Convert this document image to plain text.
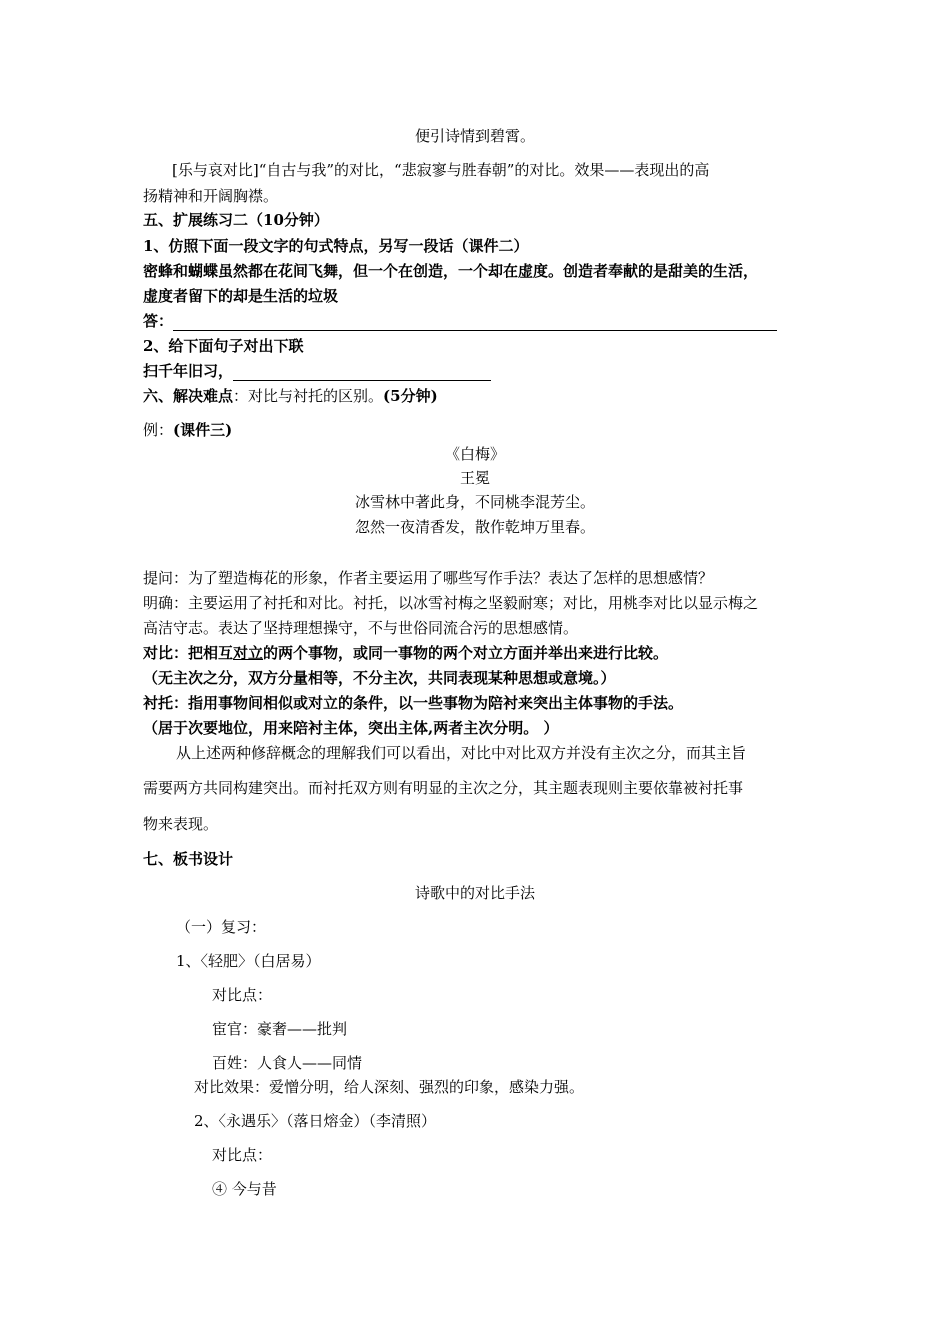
便引诗情到碧霄。

[乐与哀对比]“自古与我”的对比，“悲寂寥与胜春朝”的对比。效果——表现出的高

扬精神和开阔胸襟。

五、扩展练习二（10分钟）

1、仿照下面一段文字的句式特点，另写一段话（课件二）

密蜂和蝴蝶虽然都在花间飞舞，但一个在创造，一个却在虚度。创造者奉献的是甜美的生活，

虚度者留下的却是生活的垃圾

答：

2、给下面句子对出下联

扫千年旧习，

六、解决难点：对比与衬托的区别。(5分钟)

例：(课件三)

《白梅》

王冕

冰雪林中著此身，不同桃李混芳尘。

忽然一夜清香发，散作乾坤万里春。

提问：为了塑造梅花的形象，作者主要运用了哪些写作手法？表达了怎样的思想感情？

明确：主要运用了衬托和对比。衬托，以冰雪衬梅之坚毅耐寒；对比，用桃李对比以显示梅之

高洁守志。表达了坚持理想操守，不与世俗同流合污的思想感情。

对比：把相互对立的两个事物，或同一事物的两个对立方面并举出来进行比较。

（无主次之分，双方分量相等，不分主次，共同表现某种思想或意境。）

衬托：指用事物间相似或对立的条件，以一些事物为陪衬来突出主体事物的手法。

（居于次要地位，用来陪衬主体，突出主体,两者主次分明。 ）

从上述两种修辞概念的理解我们可以看出，对比中对比双方并没有主次之分，而其主旨

需要两方共同构建突出。而衬托双方则有明显的主次之分，其主题表现则主要依靠被衬托事

物来表现。

七、板书设计

诗歌中的对比手法

（一）复习：

1、〈轻肥〉（白居易）

对比点：

宦官：豪奢——批判

百姓：人食人——同情

对比效果：爱憎分明，给人深刻、强烈的印象，感染力强。

2、〈永遇乐〉（落日熔金）（李清照）

对比点：

④ 今与昔
